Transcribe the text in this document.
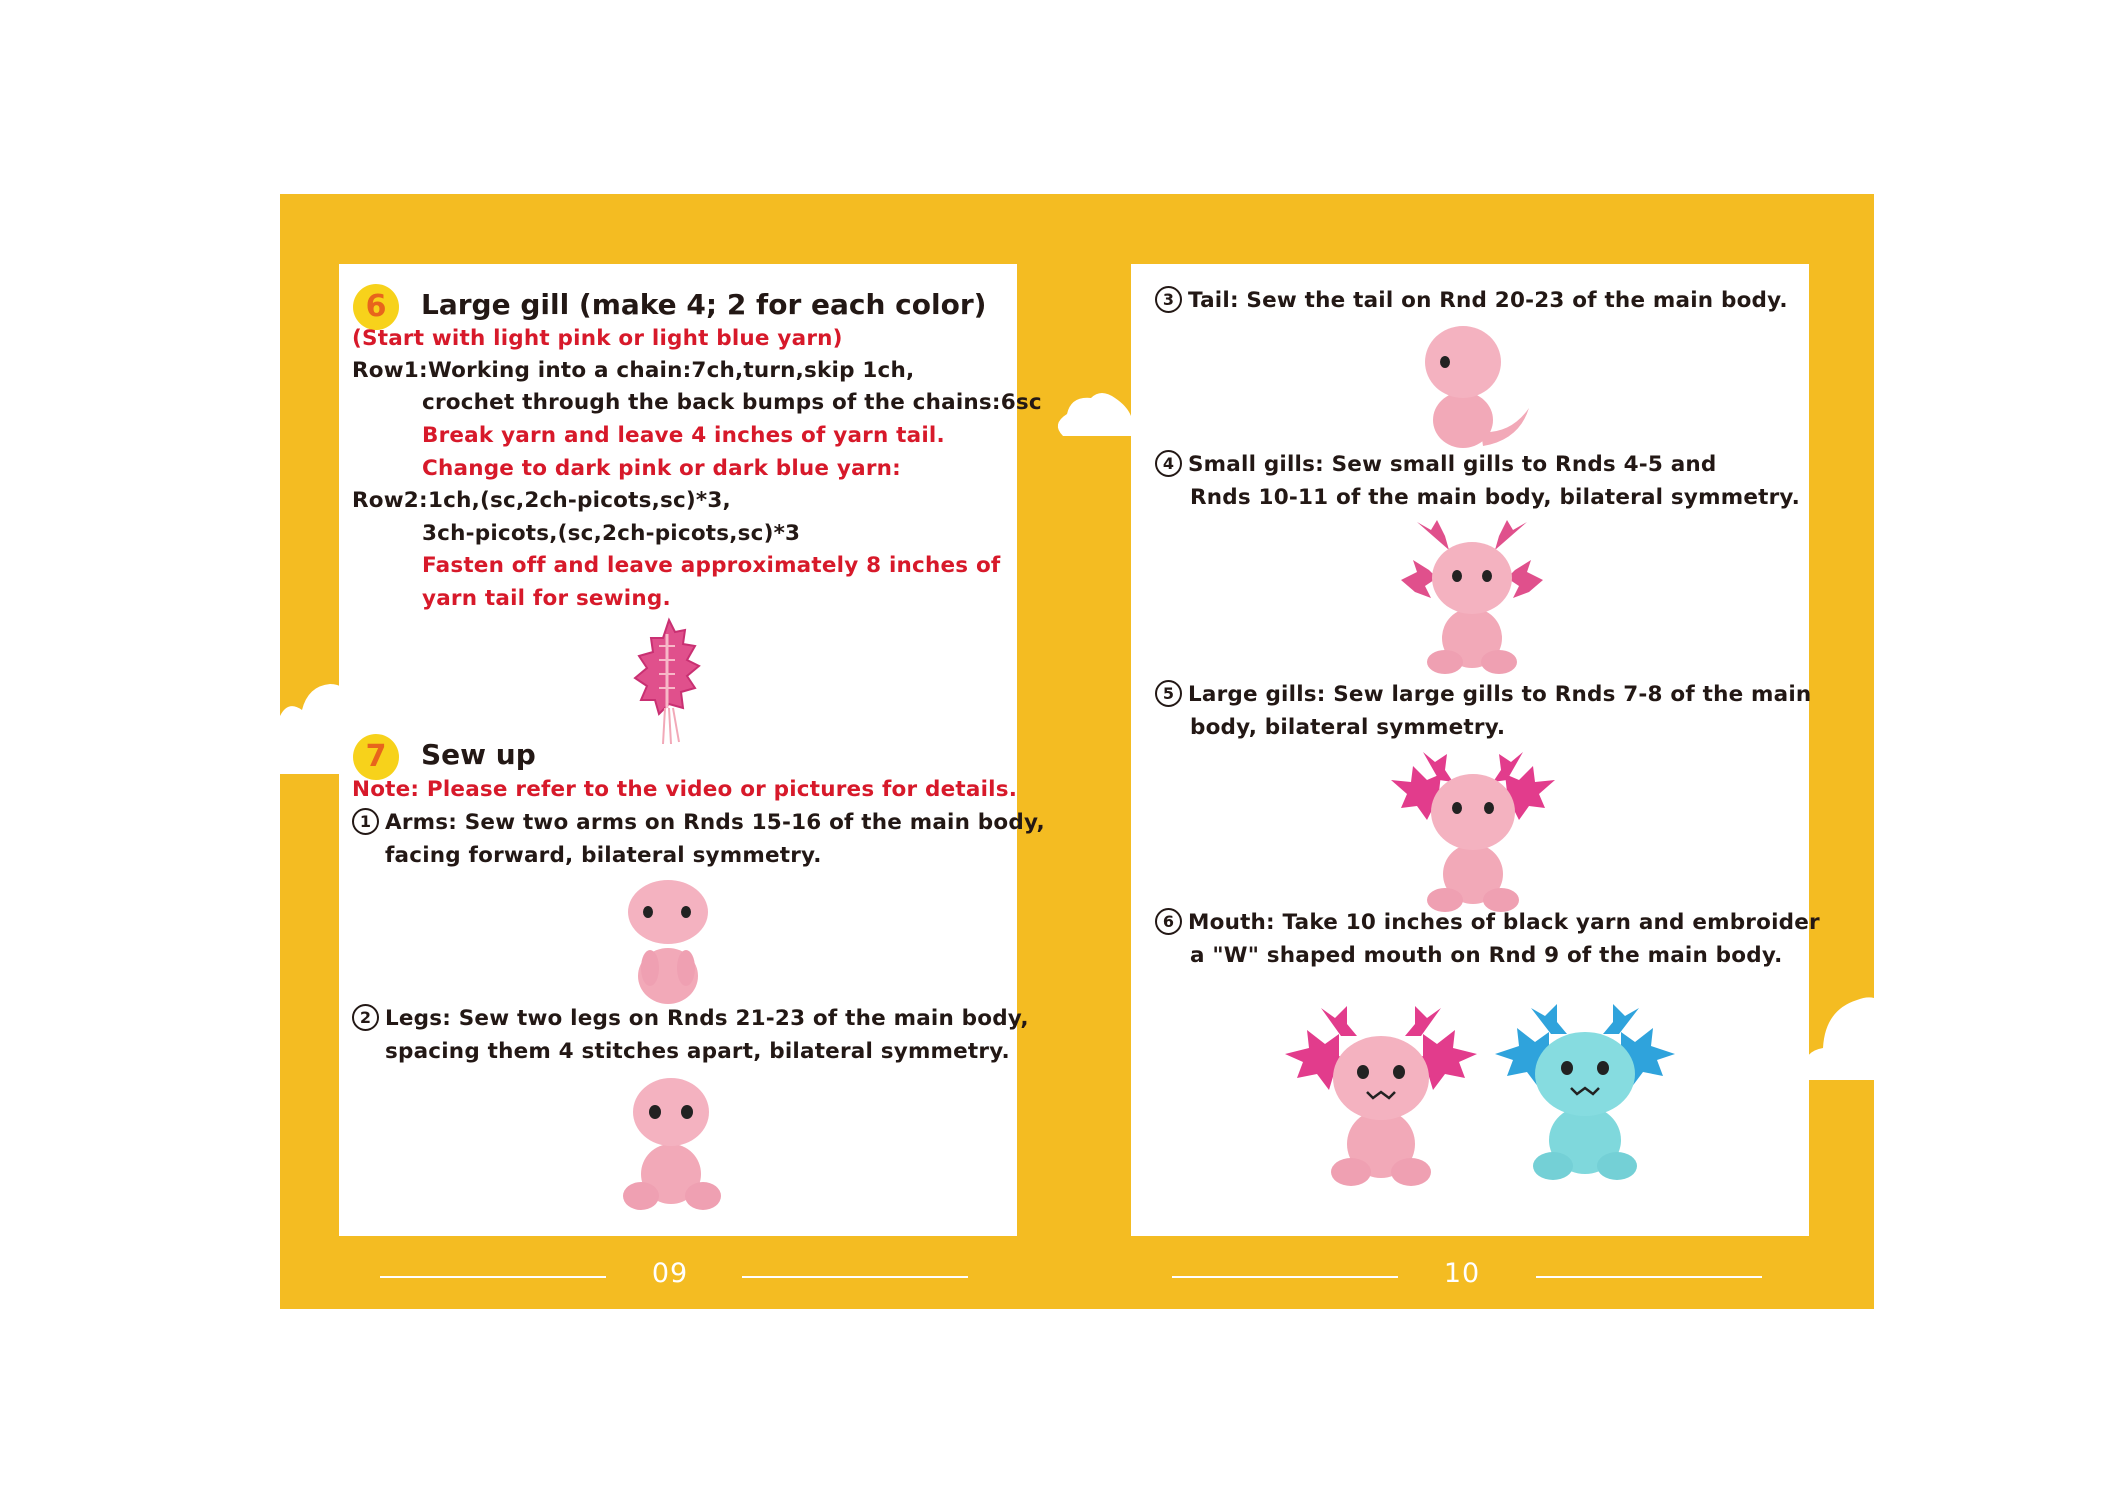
6	Large gill (make 4; 2 for each color)
(Start with light pink or light blue yarn)
Row1: Working into a chain:7ch,turn,skip 1ch,
crochet through the back bumps of the chains:6sc
Break yarn and leave 4 inches of yarn tail.
Change to dark pink or dark blue yarn:
Row2: 1ch,(sc,2ch-picots,sc)*3,
3ch-picots,(sc,2ch-picots,sc)*3
Fasten off and leave approximately 8 inches of
yarn tail for sewing.
7	Sew up
Note: Please refer to the video or pictures for details.
1 Arms: Sew two arms on Rnds 15-16 of the main body,
facing forward, bilateral symmetry.
2 Legs: Sew two legs on Rnds 21-23 of the main body,
spacing them 4 stitches apart, bilateral symmetry.
3 Tail: Sew the tail on Rnd 20-23 of the main body.
4 Small gills: Sew small gills to Rnds 4-5 and
Rnds 10-11 of the main body, bilateral symmetry.
5 Large gills: Sew large gills to Rnds 7-8 of the main
body, bilateral symmetry.
6 Mouth: Take 10 inches of black yarn and embroider
a "W" shaped mouth on Rnd 9 of the main body.
09	10
